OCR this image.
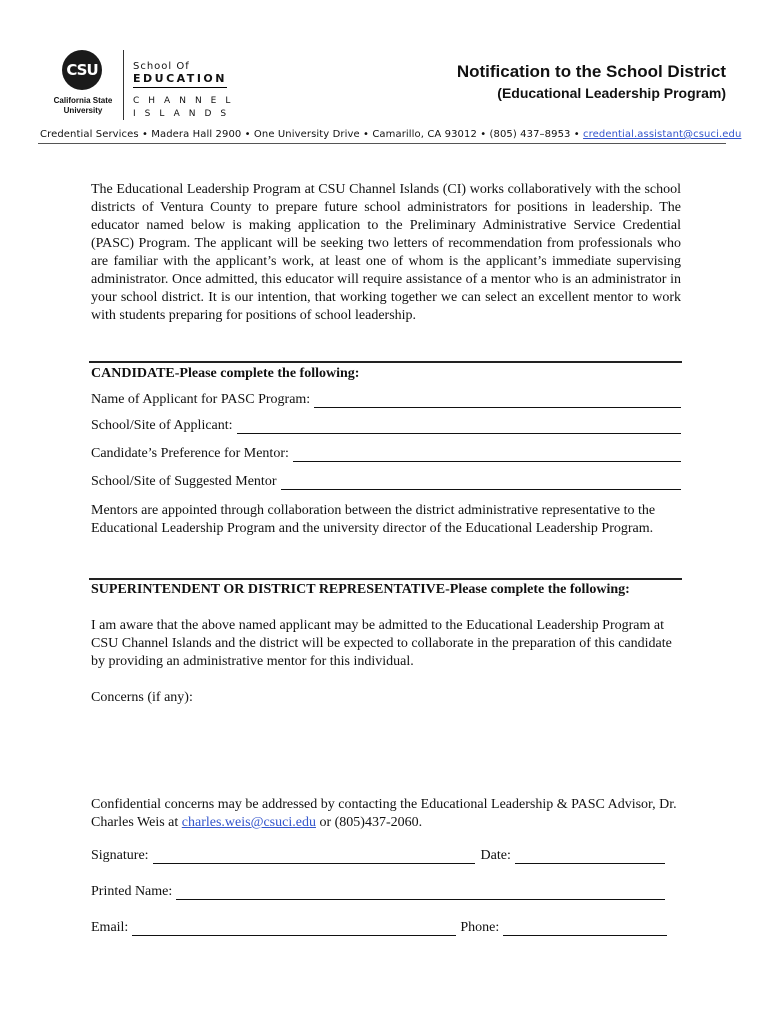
CSU
California State
University
School Of
EDUCATION
CHANNEL
ISLANDS
Notification to the School District
(Educational Leadership Program)
Credential Services • Madera Hall 2900 • One University Drive • Camarillo, CA 93012 • (805) 437–8953 • credential.assistant@csuci.edu
The Educational Leadership Program at CSU Channel Islands (CI) works collaboratively with the school districts of Ventura County to prepare future school administrators for positions in leadership. The educator named below is making application to the Preliminary Administrative Service Credential (PASC) Program. The applicant will be seeking two letters of recommendation from professionals who are familiar with the applicant’s work, at least one of whom is the applicant’s immediate supervising administrator. Once admitted, this educator will require assistance of a mentor who is an administrator in your school district. It is our intention, that working together we can select an excellent mentor to work with students preparing for positions of school leadership.
CANDIDATE-Please complete the following:
Name of Applicant for PASC Program:
School/Site of Applicant:
Candidate’s Preference for Mentor:
School/Site of Suggested Mentor
Mentors are appointed through collaboration between the district administrative representative to the Educational Leadership Program and the university director of the Educational Leadership Program.
SUPERINTENDENT OR DISTRICT REPRESENTATIVE-Please complete the following:
I am aware that the above named applicant may be admitted to the Educational Leadership Program at CSU Channel Islands and the district will be expected to collaborate in the preparation of this candidate by providing an administrative mentor for this individual.
Concerns (if any):
Confidential concerns may be addressed by contacting the Educational Leadership & PASC Advisor, Dr. Charles Weis at charles.weis@csuci.edu or (805)437-2060.
Signature:	Date:
Printed Name:
Email:	Phone:
